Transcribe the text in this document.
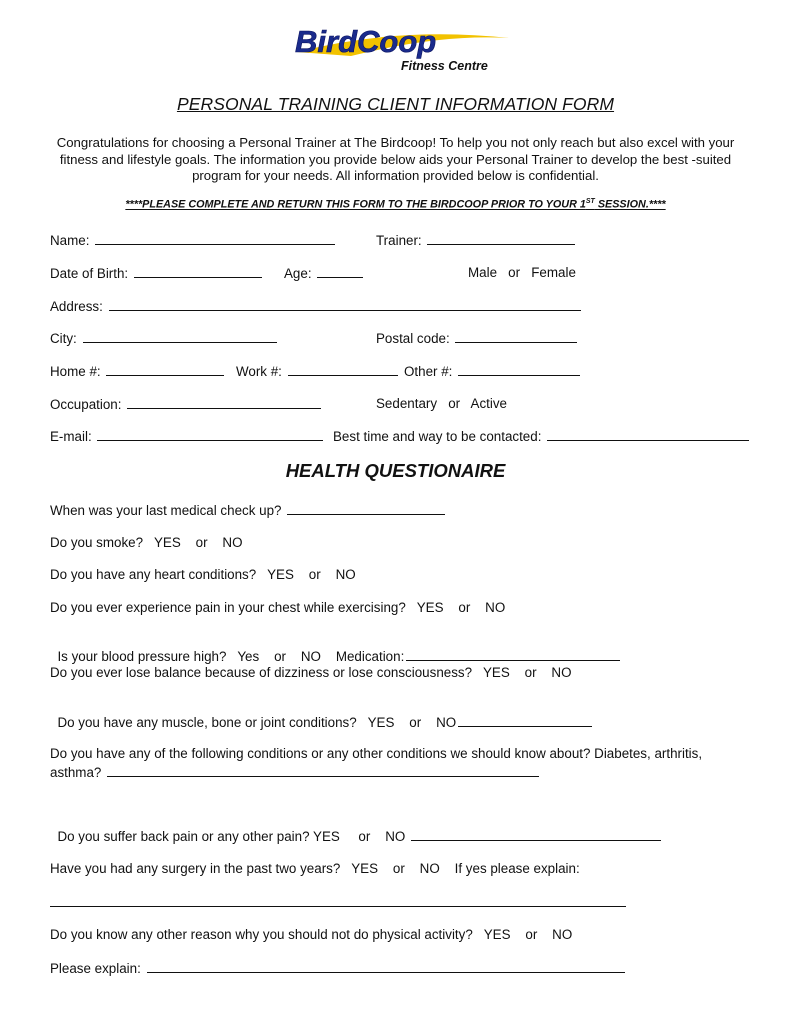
BirdCoop
Fitness Centre
PERSONAL TRAINING CLIENT INFORMATION FORM
Congratulations for choosing a Personal Trainer at The Birdcoop! To help you not only reach but also excel with your fitness and lifestyle goals. The information you provide below aids your Personal Trainer to develop the best -suited program for your needs. All information provided below is confidential.
****PLEASE COMPLETE AND RETURN THIS FORM TO THE BIRDCOOP PRIOR TO YOUR 1ST SESSION.****
Name:	Trainer:
Date of Birth:	Age:	Male   or   Female
Address:
City:	Postal code:
Home #:	Work #:	Other #:
Occupation:	Sedentary   or   Active
E-mail:	Best time and way to be contacted:
HEALTH QUESTIONAIRE
When was your last medical check up?
Do you smoke?   YES    or    NO
Do you have any heart conditions?   YES    or    NO
Do you ever experience pain in your chest while exercising?   YES    or    NO

Is your blood pressure high?   Yes    or    NO    Medication:

Do you ever lose balance because of dizziness or lose consciousness?   YES    or    NO

Do you have any muscle, bone or joint conditions?   YES    or    NO

Do you have any of the following conditions or any other conditions we should know about? Diabetes, arthritis,
asthma?

Do you suffer back pain or any other pain? YES     or    NO

Have you had any surgery in the past two years?   YES    or    NO    If yes please explain:
Do you know any other reason why you should not do physical activity?   YES    or    NO
Please explain:
